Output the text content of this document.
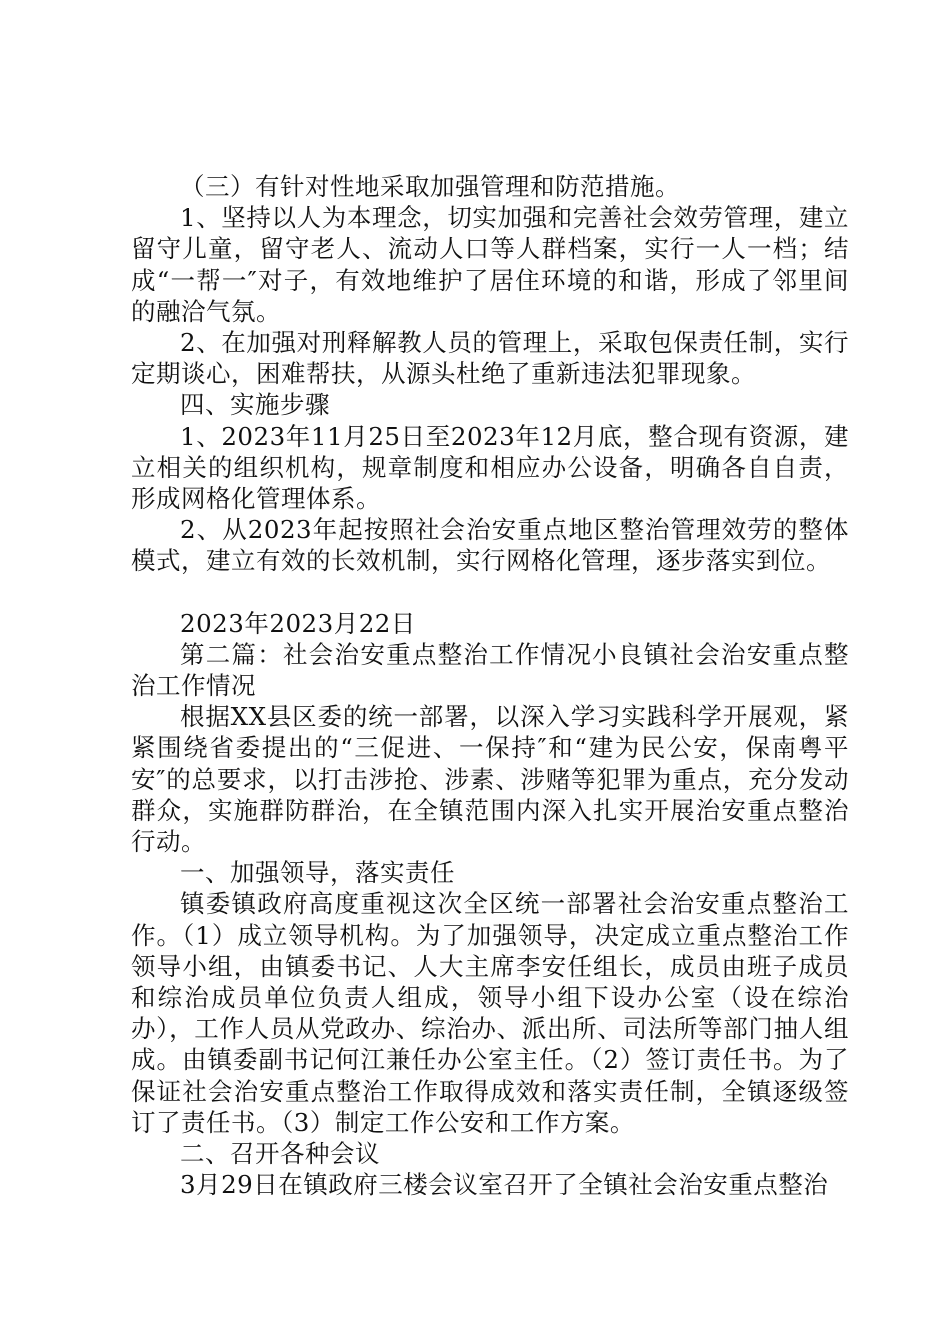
（三）有针对性地采取加强管理和防范措施。

1、坚持以人为本理念，切实加强和完善社会效劳管理，建立留守儿童，留守老人、流动人口等人群档案，实行一人一档；结成“一帮一″对子，有效地维护了居住环境的和谐，形成了邻里间的融洽气氛。

2、在加强对刑释解教人员的管理上，采取包保责任制，实行定期谈心，困难帮扶，从源头杜绝了重新违法犯罪现象。

四、实施步骤

1、2023年11月25日至2023年12月底，整合现有资源，建立相关的组织机构，规章制度和相应办公设备，明确各自自责，形成网格化管理体系。

2、从2023年起按照社会治安重点地区整治管理效劳的整体模式，建立有效的长效机制，实行网格化管理，逐步落实到位。

2023年2023月22日

第二篇：社会治安重点整治工作情况小良镇社会治安重点整治工作情况

根据XX县区委的统一部署，以深入学习实践科学开展观，紧紧围绕省委提出的“三促进、一保持″和“建为民公安，保南粤平安″的总要求，以打击涉抢、涉素、涉赌等犯罪为重点，充分发动群众，实施群防群治，在全镇范围内深入扎实开展治安重点整治行动。

一、加强领导，落实责任

镇委镇政府高度重视这次全区统一部署社会治安重点整治工作。（1）成立领导机构。为了加强领导，决定成立重点整治工作领导小组，由镇委书记、人大主席李安任组长，成员由班子成员和综治成员单位负责人组成，领导小组下设办公室（设在综治办），工作人员从党政办、综治办、派出所、司法所等部门抽人组成。由镇委副书记何江兼任办公室主任。（2）签订责任书。为了保证社会治安重点整治工作取得成效和落实责任制，全镇逐级签订了责任书。（3）制定工作公安和工作方案。

二、召开各种会议

3月29日在镇政府三楼会议室召开了全镇社会治安重点整治
